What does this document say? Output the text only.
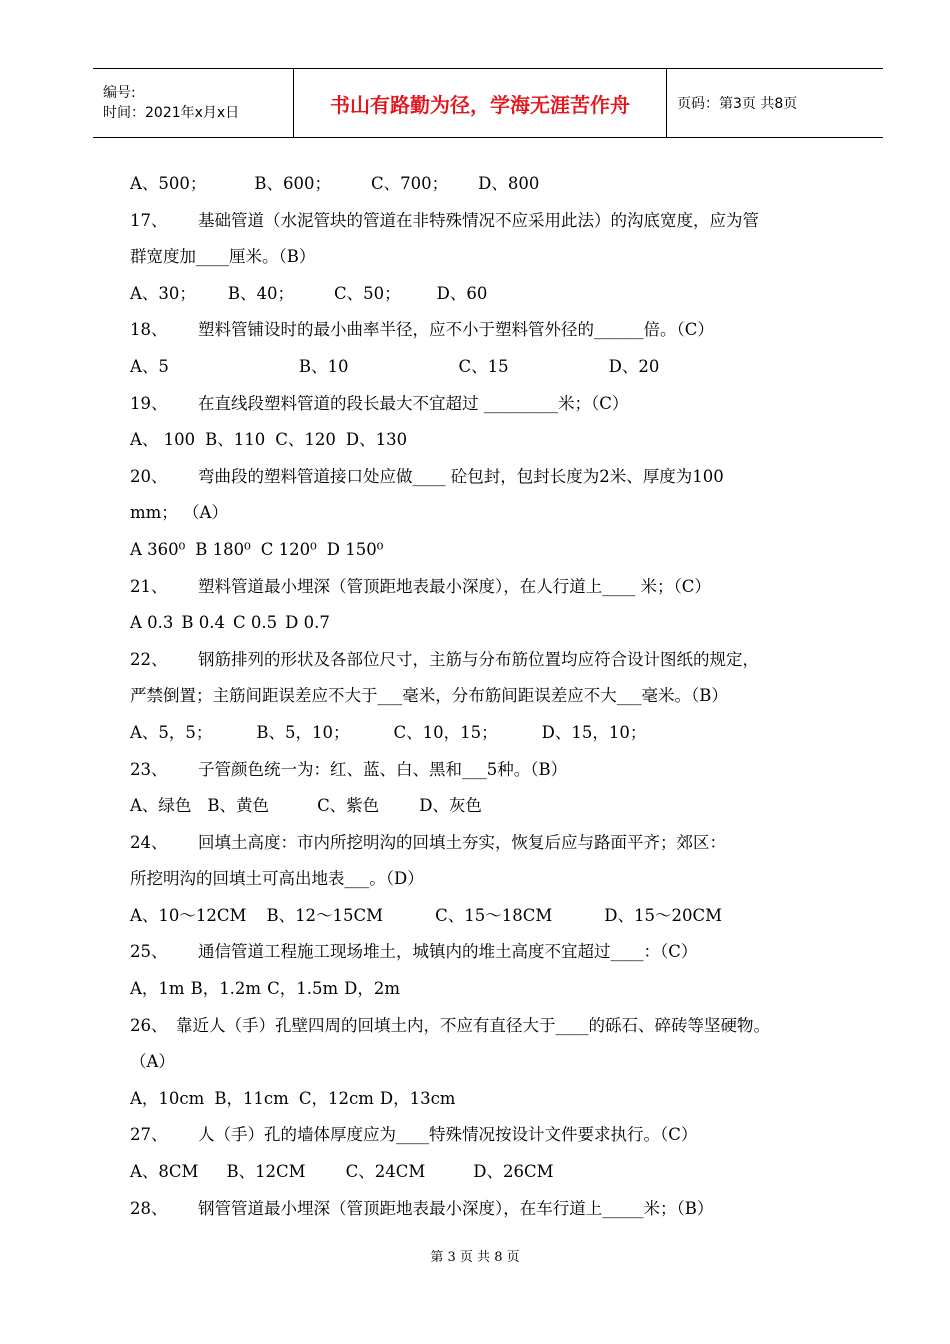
编号:
时间：2021年x月x日	书山有路勤为径，学海无涯苦作舟	页码：第3页 共8页
A、500；	B、600； C、700； D、800
17、 基础管道（水泥管块的管道在非特殊情况不应采用此法）的沟底宽度，应为管
群宽度加____厘米。（B）
A、30； B、40； C、50； D、60
18、 塑料管铺设时的最小曲率半径，应不小于塑料管外径的______倍。（C）
A、5	B、10	C、15	D、20
19、 在直线段塑料管道的段长最大不宜超过 _________米；（C）
A、 100 B、110 C、120 D、130
20、 弯曲段的塑料管道接口处应做____ 砼包封，包封长度为2米、厚度为100
mm； （A）
A 360⁰ B 180⁰ C 120⁰ D 150⁰
21、 塑料管道最小埋深（管顶距地表最小深度），在人行道上____ 米；（C）
A 0.3 B 0.4 C 0.5 D 0.7
22、 钢筋排列的形状及各部位尺寸，主筋与分布筋位置均应符合设计图纸的规定，
严禁倒置；主筋间距误差应不大于___毫米，分布筋间距误差应不大___毫米。（B）
A、5，5；	B、5，10；	C、10，15；	D、15，10；
23、 子管颜色统一为：红、蓝、白、黑和___5种。（B）
A、绿色 B、黄色	C、紫色 D、灰色
24、 回填土高度：市内所挖明沟的回填土夯实，恢复后应与路面平齐；郊区：
所挖明沟的回填土可高出地表___。（D）
A、10～12CM B、12～15CM	C、15～18CM	D、15～20CM
25、 通信管道工程施工现场堆土，城镇内的堆土高度不宜超过____：（C）
A，1m B，1.2m C，1.5m D，2m
26、 靠近人（手）孔壁四周的回填土内，不应有直径大于____的砾石、碎砖等坚硬物。
（A）
A，10cm B，11cm C，12cm D，13cm
27、 人（手）孔的墙体厚度应为____特殊情况按设计文件要求执行。（C）
A、8CM B、12CM C、24CM	D、26CM
28、 钢管管道最小埋深（管顶距地表最小深度），在车行道上_____米；（B）
第 3 页 共 8 页
